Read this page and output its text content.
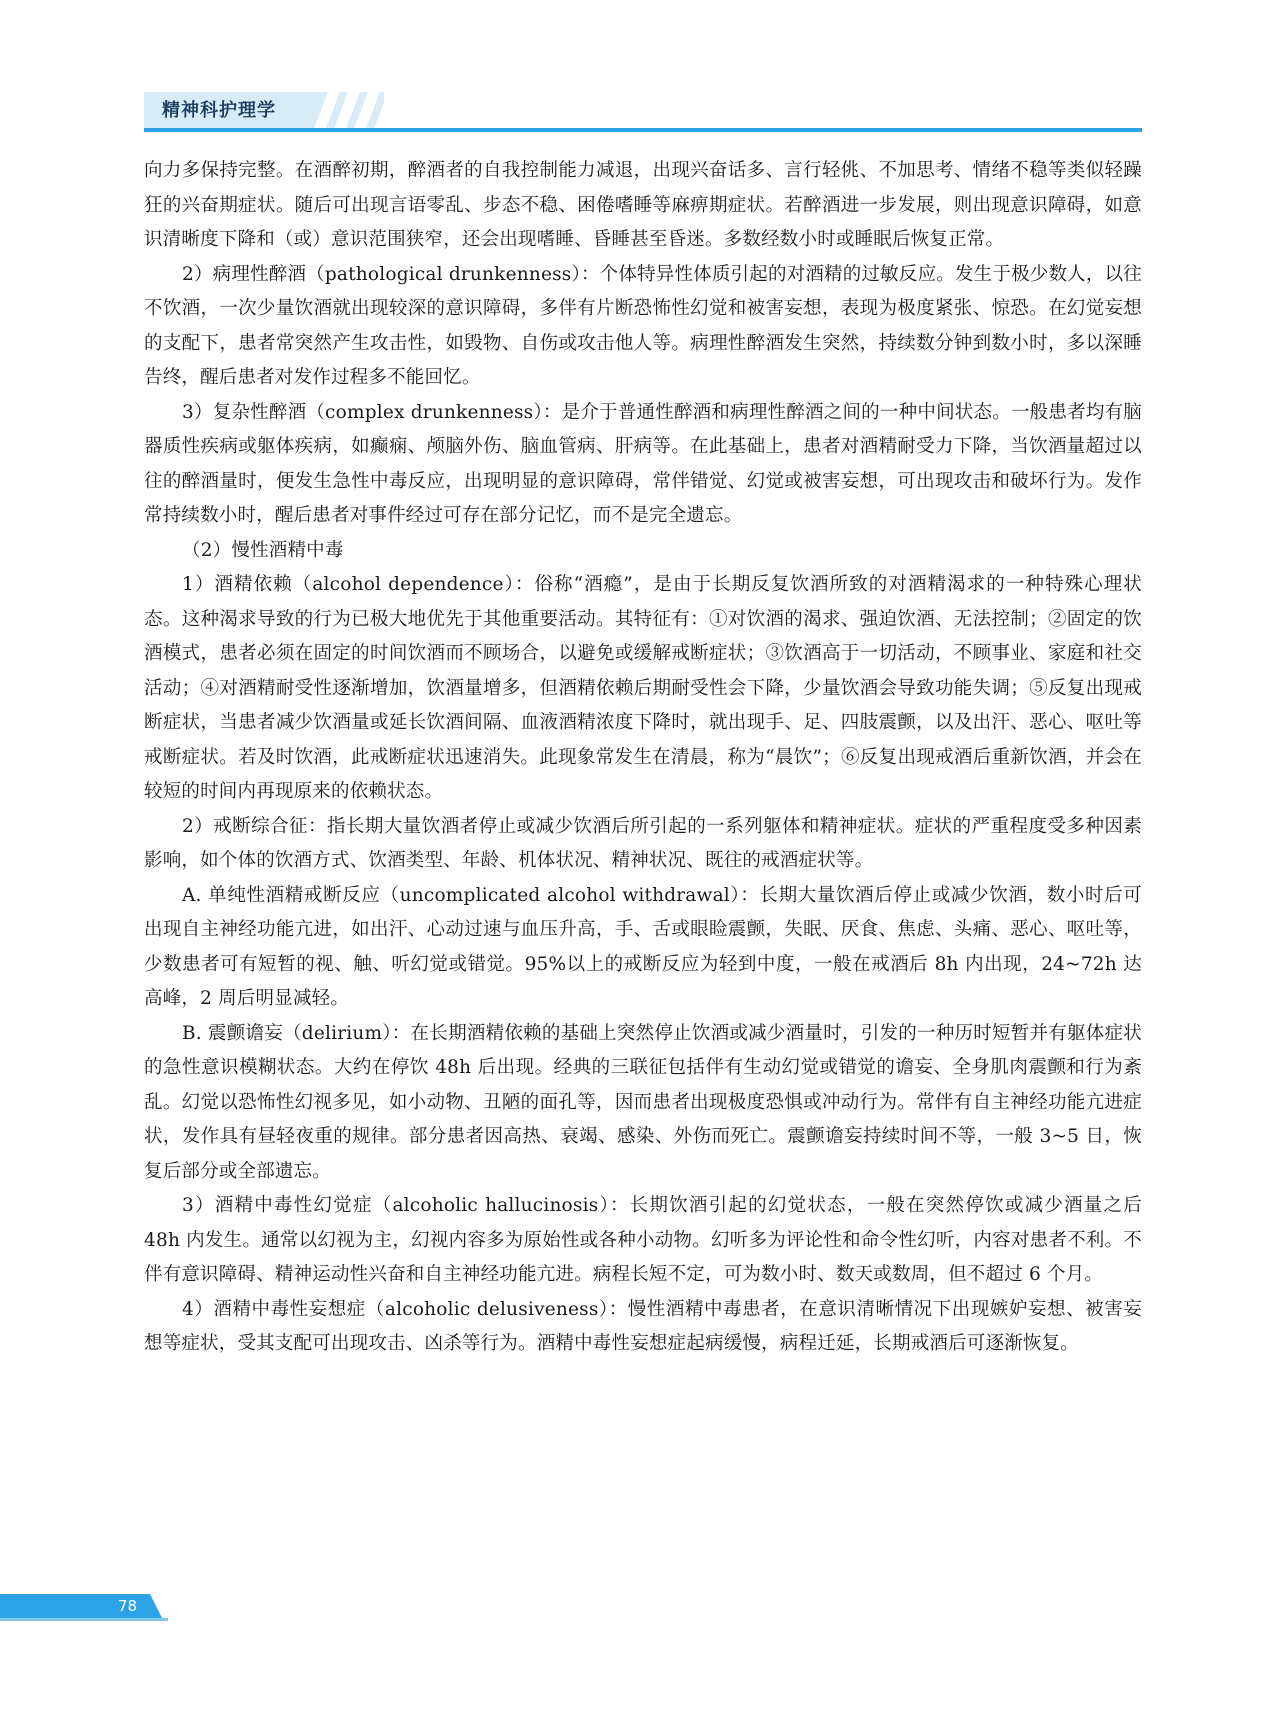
精神科护理学

向力多保持完整。在酒醉初期，醉酒者的自我控制能力减退，出现兴奋话多、言行轻佻、不加思考、情绪不稳等类似轻躁狂的兴奋期症状。随后可出现言语零乱、步态不稳、困倦嗜睡等麻痹期症状。若醉酒进一步发展，则出现意识障碍，如意识清晰度下降和（或）意识范围狭窄，还会出现嗜睡、昏睡甚至昏迷。多数经数小时或睡眠后恢复正常。

2）病理性醉酒（pathological drunkenness）：个体特异性体质引起的对酒精的过敏反应。发生于极少数人，以往不饮酒，一次少量饮酒就出现较深的意识障碍，多伴有片断恐怖性幻觉和被害妄想，表现为极度紧张、惊恐。在幻觉妄想的支配下，患者常突然产生攻击性，如毁物、自伤或攻击他人等。病理性醉酒发生突然，持续数分钟到数小时，多以深睡告终，醒后患者对发作过程多不能回忆。

3）复杂性醉酒（complex drunkenness）：是介于普通性醉酒和病理性醉酒之间的一种中间状态。一般患者均有脑器质性疾病或躯体疾病，如癫痫、颅脑外伤、脑血管病、肝病等。在此基础上，患者对酒精耐受力下降，当饮酒量超过以往的醉酒量时，便发生急性中毒反应，出现明显的意识障碍，常伴错觉、幻觉或被害妄想，可出现攻击和破坏行为。发作常持续数小时，醒后患者对事件经过可存在部分记忆，而不是完全遗忘。

（2）慢性酒精中毒

1）酒精依赖（alcohol dependence）：俗称“酒瘾”，是由于长期反复饮酒所致的对酒精渴求的一种特殊心理状态。这种渴求导致的行为已极大地优先于其他重要活动。其特征有：①对饮酒的渴求、强迫饮酒、无法控制；②固定的饮酒模式，患者必须在固定的时间饮酒而不顾场合，以避免或缓解戒断症状；③饮酒高于一切活动，不顾事业、家庭和社交活动；④对酒精耐受性逐渐增加，饮酒量增多，但酒精依赖后期耐受性会下降，少量饮酒会导致功能失调；⑤反复出现戒断症状，当患者减少饮酒量或延长饮酒间隔、血液酒精浓度下降时，就出现手、足、四肢震颤，以及出汗、恶心、呕吐等戒断症状。若及时饮酒，此戒断症状迅速消失。此现象常发生在清晨，称为“晨饮”；⑥反复出现戒酒后重新饮酒，并会在较短的时间内再现原来的依赖状态。

2）戒断综合征：指长期大量饮酒者停止或减少饮酒后所引起的一系列躯体和精神症状。症状的严重程度受多种因素影响，如个体的饮酒方式、饮酒类型、年龄、机体状况、精神状况、既往的戒酒症状等。

A. 单纯性酒精戒断反应（uncomplicated alcohol withdrawal）：长期大量饮酒后停止或减少饮酒，数小时后可出现自主神经功能亢进，如出汗、心动过速与血压升高，手、舌或眼睑震颤，失眠、厌食、焦虑、头痛、恶心、呕吐等，少数患者可有短暂的视、触、听幻觉或错觉。95%以上的戒断反应为轻到中度，一般在戒酒后 8h 内出现，24~72h 达高峰，2 周后明显减轻。

B. 震颤谵妄（delirium）：在长期酒精依赖的基础上突然停止饮酒或减少酒量时，引发的一种历时短暂并有躯体症状的急性意识模糊状态。大约在停饮 48h 后出现。经典的三联征包括伴有生动幻觉或错觉的谵妄、全身肌肉震颤和行为紊乱。幻觉以恐怖性幻视多见，如小动物、丑陋的面孔等，因而患者出现极度恐惧或冲动行为。常伴有自主神经功能亢进症状，发作具有昼轻夜重的规律。部分患者因高热、衰竭、感染、外伤而死亡。震颤谵妄持续时间不等，一般 3~5 日，恢复后部分或全部遗忘。

3）酒精中毒性幻觉症（alcoholic hallucinosis）：长期饮酒引起的幻觉状态，一般在突然停饮或减少酒量之后 48h 内发生。通常以幻视为主，幻视内容多为原始性或各种小动物。幻听多为评论性和命令性幻听，内容对患者不利。不伴有意识障碍、精神运动性兴奋和自主神经功能亢进。病程长短不定，可为数小时、数天或数周，但不超过 6 个月。

4）酒精中毒性妄想症（alcoholic delusiveness）：慢性酒精中毒患者，在意识清晰情况下出现嫉妒妄想、被害妄想等症状，受其支配可出现攻击、凶杀等行为。酒精中毒性妄想症起病缓慢，病程迁延，长期戒酒后可逐渐恢复。

78
